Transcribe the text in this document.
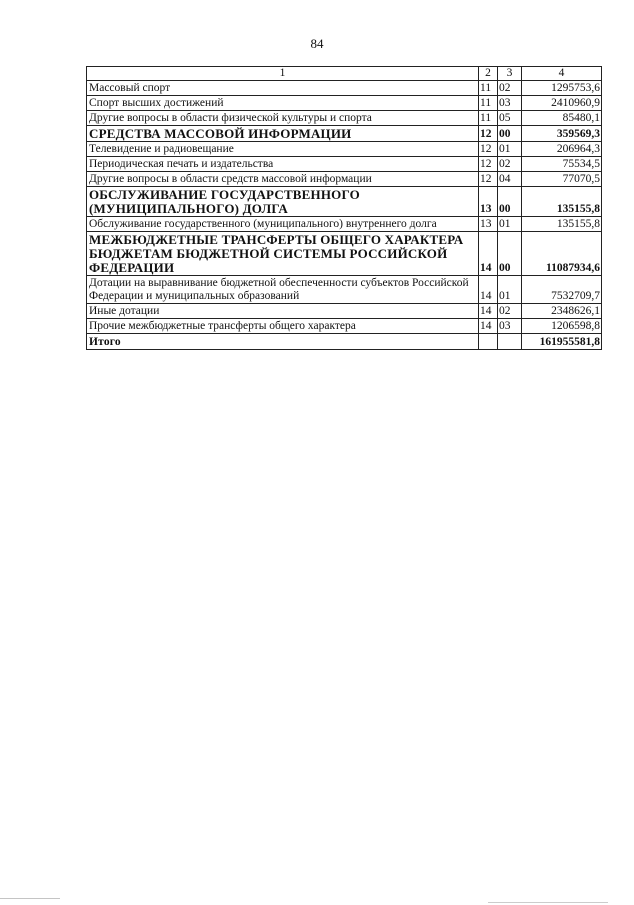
84
1	2	3	4
Массовый спорт	11	02	1295753,6
Спорт высших достижений	11	03	2410960,9
Другие вопросы в области физической культуры и спорта	11	05	85480,1
СРЕДСТВА МАССОВОЙ ИНФОРМАЦИИ	12	00	359569,3
Телевидение и радиовещание	12	01	206964,3
Периодическая печать и издательства	12	02	75534,5
Другие вопросы в области средств массовой информации	12	04	77070,5
ОБСЛУЖИВАНИЕ ГОСУДАРСТВЕННОГО (МУНИЦИПАЛЬНОГО) ДОЛГА	13	00	135155,8
Обслуживание государственного (муниципального) внутреннего долга	13	01	135155,8
МЕЖБЮДЖЕТНЫЕ ТРАНСФЕРТЫ ОБЩЕГО ХАРАКТЕРА БЮДЖЕТАМ БЮДЖЕТНОЙ СИСТЕМЫ РОССИЙСКОЙ ФЕДЕРАЦИИ	14	00	11087934,6
Дотации на выравнивание бюджетной обеспеченности субъектов Российской Федерации и муниципальных образований	14	01	7532709,7
Иные дотации	14	02	2348626,1
Прочие межбюджетные трансферты общего характера	14	03	1206598,8
Итого			161955581,8
